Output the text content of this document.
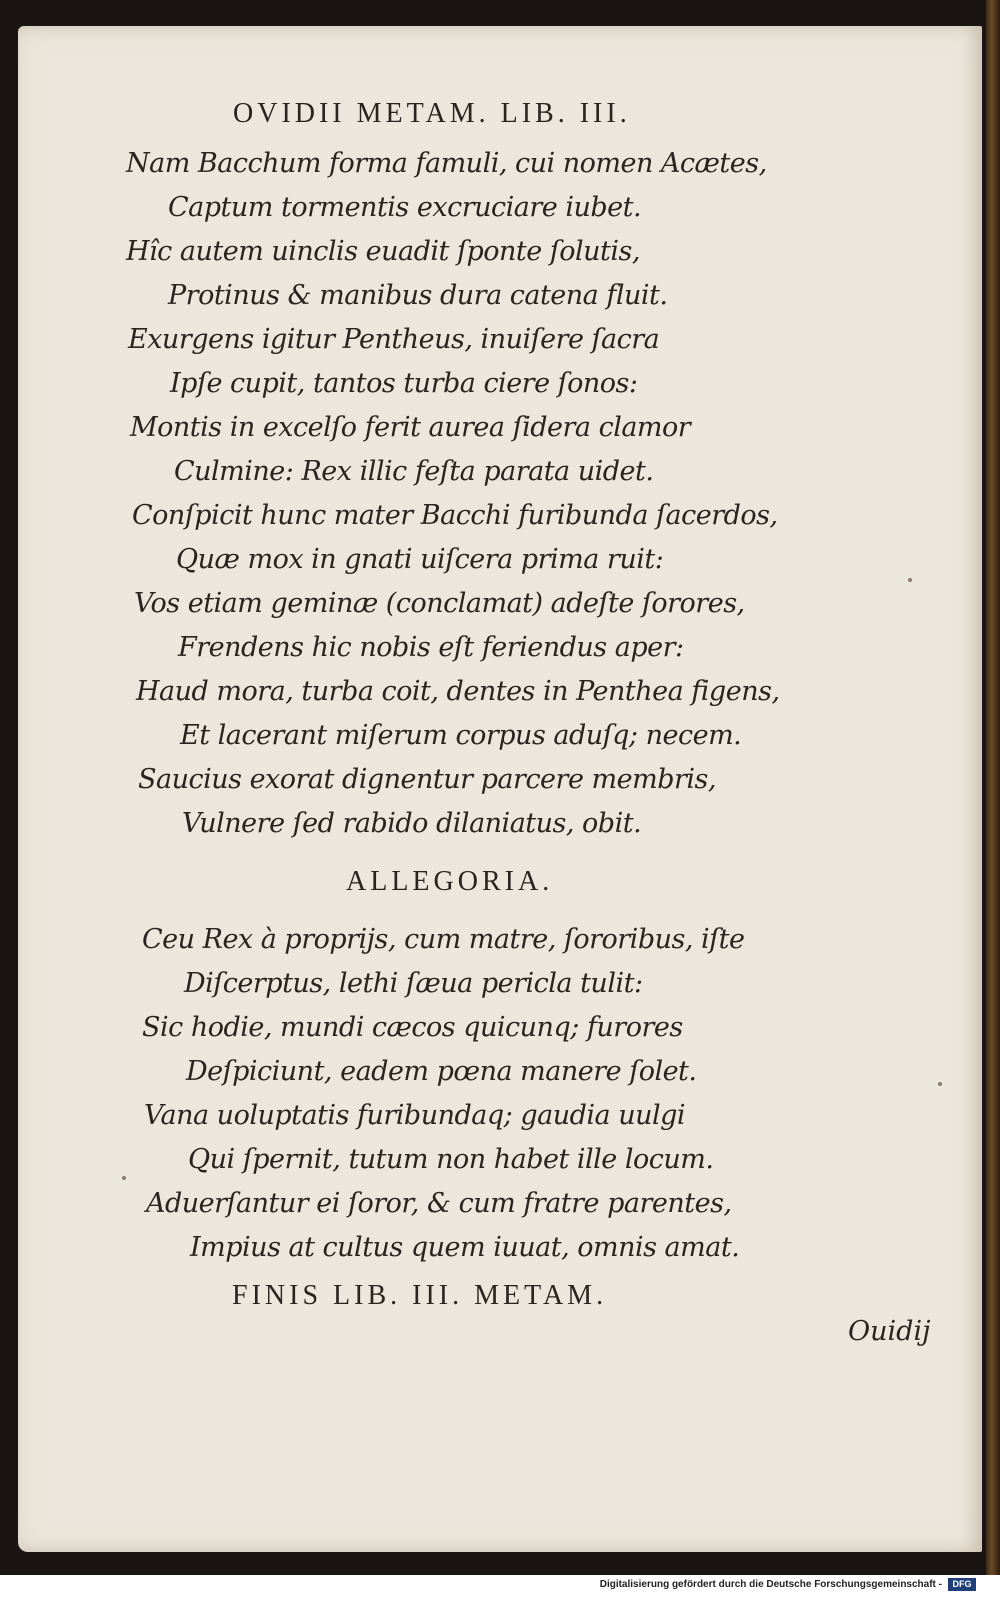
OVIDII METAM. LIB. III.
Nam Bacchum forma famuli, cui nomen Acætes,
Captum tormentis excruciare iubet.
Hîc autem uinclis euadit ſponte ſolutis,
Protinus & manibus dura catena fluit.
Exurgens igitur Pentheus, inuiſere ſacra
Ipſe cupit, tantos turba ciere ſonos:
Montis in excelſo ferit aurea ſidera clamor
Culmine: Rex illic feſta parata uidet.
Conſpicit hunc mater Bacchi furibunda ſacerdos,
Quæ mox in gnati uiſcera prima ruit:
Vos etiam geminæ (conclamat) adeſte ſorores,
Frendens hic nobis eſt feriendus aper:
Haud mora, turba coit, dentes in Penthea figens,
Et lacerant miſerum corpus aduſq; necem.
Saucius exorat dignentur parcere membris,
Vulnere ſed rabido dilaniatus, obit.
ALLEGORIA.
Ceu Rex à proprijs, cum matre, ſororibus, iſte
Diſcerptus, lethi ſæua pericla tulit:
Sic hodie, mundi cæcos quicunq; furores
Deſpiciunt, eadem pœna manere ſolet.
Vana uoluptatis furibundaq; gaudia uulgi
Qui ſpernit, tutum non habet ille locum.
Aduerſantur ei ſoror, & cum fratre parentes,
Impius at cultus quem iuuat, omnis amat.
FINIS LIB. III. METAM.
Ouidij
Digitalisierung gefördert durch die Deutsche Forschungsgemeinschaft -	DFG
